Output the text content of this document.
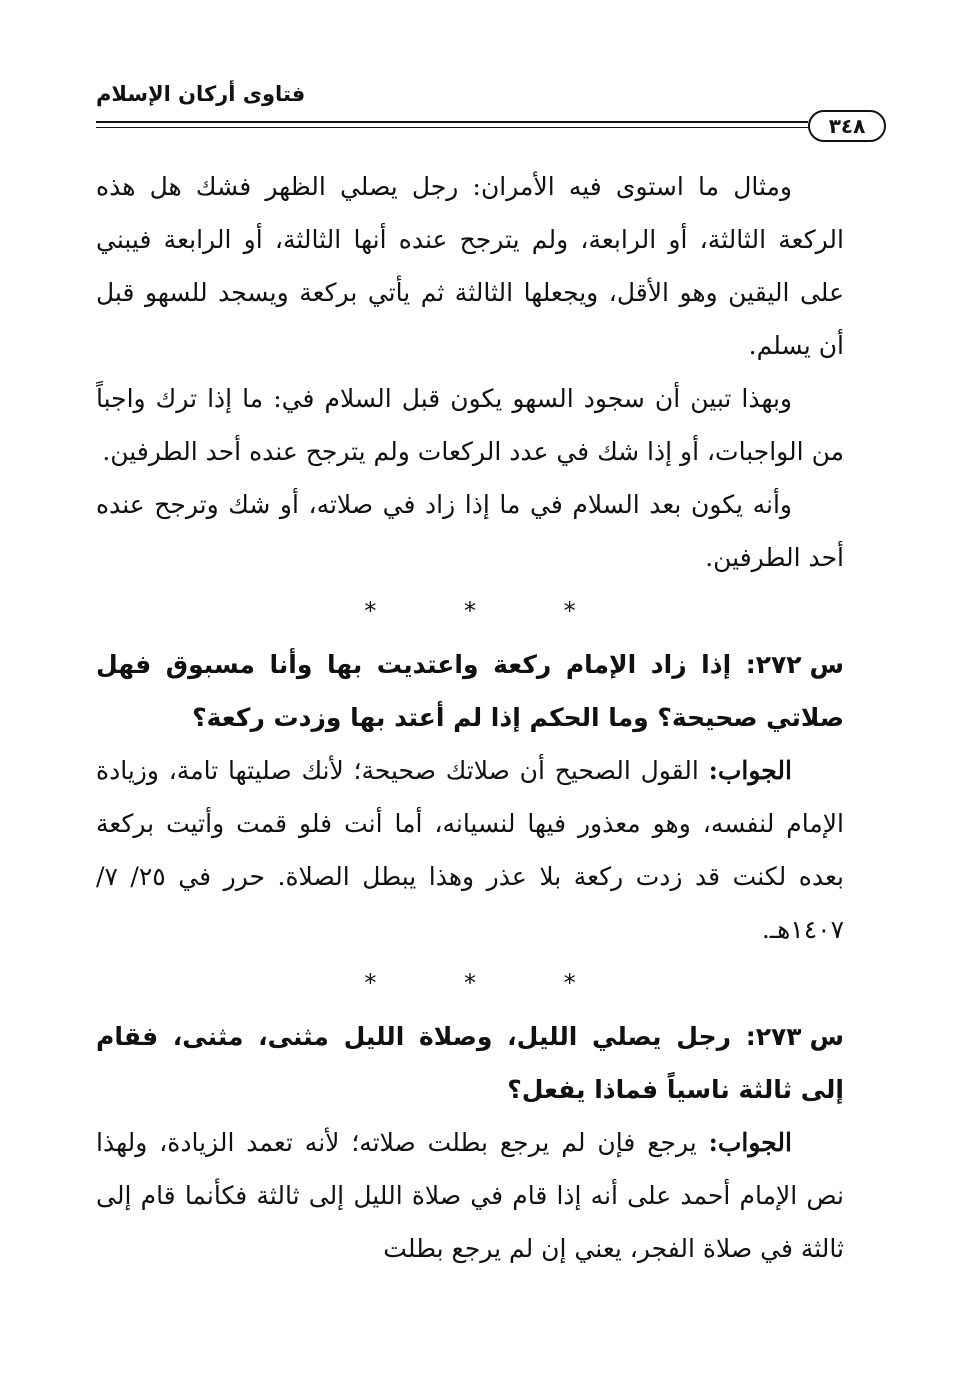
فتاوى أركان الإسلام
٣٤٨

ومثال ما استوى فيه الأمران: رجل يصلي الظهر فشك هل هذه الركعة الثالثة، أو الرابعة، ولم يترجح عنده أنها الثالثة، أو الرابعة فيبني على اليقين وهو الأقل، ويجعلها الثالثة ثم يأتي بركعة ويسجد للسهو قبل أن يسلم.

وبهذا تبين أن سجود السهو يكون قبل السلام في: ما إذا ترك واجباً من الواجبات، أو إذا شك في عدد الركعات ولم يترجح عنده أحد الطرفين.

وأنه يكون بعد السلام في ما إذا زاد في صلاته، أو شك وترجح عنده أحد الطرفين.

* * *

س٢٧٢: إذا زاد الإمام ركعة واعتديت بها وأنا مسبوق فهل صلاتي صحيحة؟ وما الحكم إذا لم أعتد بها وزدت ركعة؟

الجواب: القول الصحيح أن صلاتك صحيحة؛ لأنك صليتها تامة، وزيادة الإمام لنفسه، وهو معذور فيها لنسيانه، أما أنت فلو قمت وأتيت بركعة بعده لكنت قد زدت ركعة بلا عذر وهذا يبطل الصلاة. حرر في ٢٥/ ٧/ ١٤٠٧هـ.

* * *

س٢٧٣: رجل يصلي الليل، وصلاة الليل مثنى، مثنى، فقام إلى ثالثة ناسياً فماذا يفعل؟

الجواب: يرجع فإن لم يرجع بطلت صلاته؛ لأنه تعمد الزيادة، ولهذا نص الإمام أحمد على أنه إذا قام في صلاة الليل إلى ثالثة فكأنما قام إلى ثالثة في صلاة الفجر، يعني إن لم يرجع بطلت
